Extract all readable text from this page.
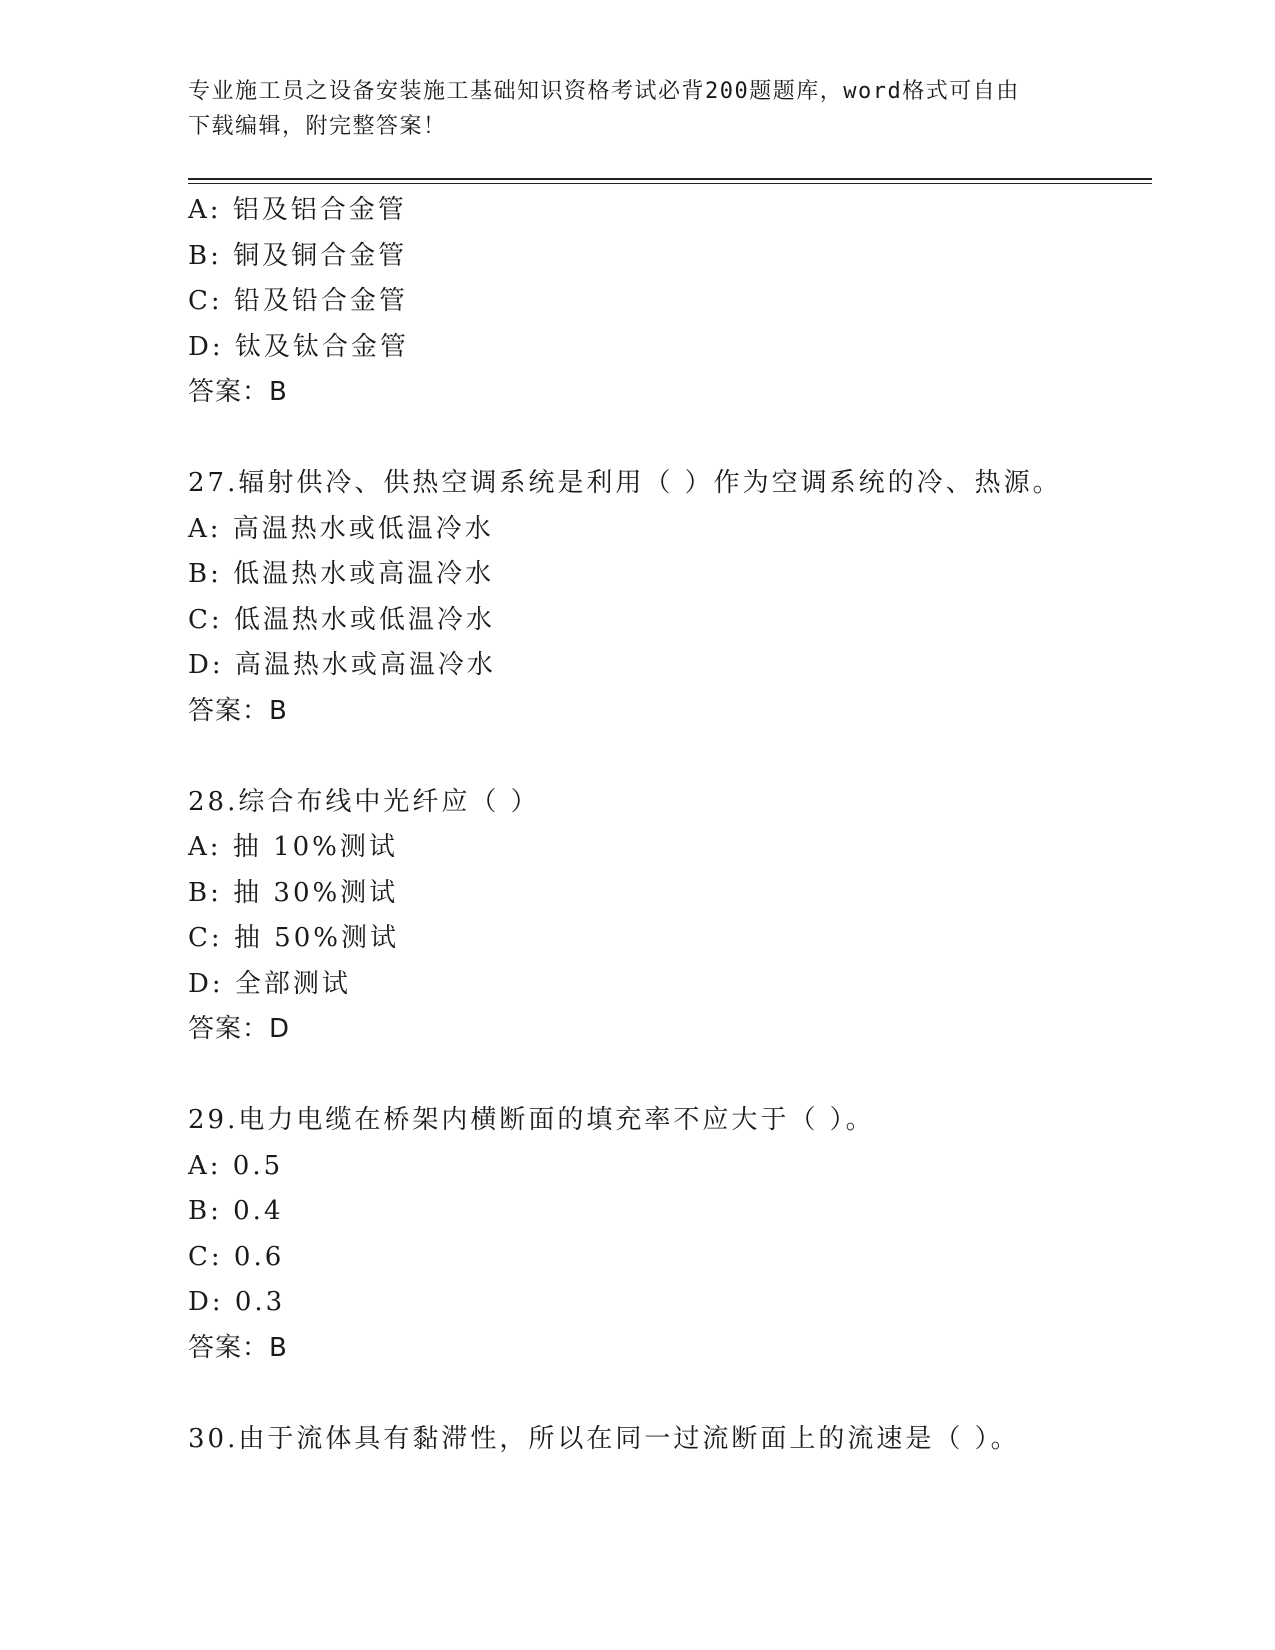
专业施工员之设备安装施工基础知识资格考试必背200题题库，word格式可自由
下载编辑，附完整答案！
A: 铝及铝合金管
B: 铜及铜合金管
C: 铅及铅合金管
D: 钛及钛合金管
答案：B
27.辐射供冷、供热空调系统是利用（ ）作为空调系统的冷、热源。
A: 高温热水或低温冷水
B: 低温热水或高温冷水
C: 低温热水或低温冷水
D: 高温热水或高温冷水
答案：B
28.综合布线中光纤应（ ）
A: 抽 10%测试
B: 抽 30%测试
C: 抽 50%测试
D: 全部测试
答案：D
29.电力电缆在桥架内横断面的填充率不应大于（ ）。
A: 0.5
B: 0.4
C: 0.6
D: 0.3
答案：B
30.由于流体具有黏滞性，所以在同一过流断面上的流速是（ ）。
